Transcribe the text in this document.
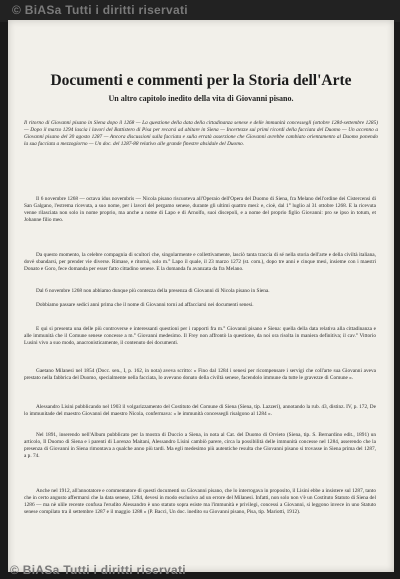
© BiASa Tutti i diritti riservati
Documenti e commenti per la Storia dell'Arte
Un altro capitolo inedito della vita di Giovanni pisano.

Il ritorno di Giovanni pisano in Siena dopo il 1268 — La questione della data della cittadinanza senese e delle immunità concessegli (ottobre 1284-settembre 1285) — Dopo il marzo 1294 lascia i lavori del Battistero di Pisa per recarsi ad abitare in Siena — Incertezze sui primi ricordi della facciata del Duomo — Un accenno a Giovanni pisano del 30 agosto 1287 — Ancora discussioni sulla facciata e sulla erratà asserzione che Giovanni avrebbe cambiato orientamento al Duomo ponendo la sua facciata a mezzogiorno — Un doc. del 1287-88 relativo alle grande finestre absidale del Duomo.

Il 6 novembre 1268 — octava idus novembris — Nicola pisano riscuoteva all'Operaio dell'Opera del Duomo di Siena, fra Melano dell'ordine dei Cistercensi di San Galgano, l'estrema ricevuta, a suo nome, per i lavori del pergamo senese, durante gli ultimi quattro mesi: e, cioè, dal 1° luglio al 31 ottobre 1268. E la ricevuta venne rilasciata non solo in nome proprio, ma anche a nome di Lapo e di Arnolfo, suoi discepoli, e a nome del proprio figlio Giovanni: pro se ipso in totum, et Johanne filio meo.

Da questo momento, la celebre compagnia di scultori che, singolarmente e collettivamente, lasciò tanta traccia di sé nella storia dell'arte e della civiltà italiana, dovè sbandarsi, per prender vie diverse. Rimase, e ritornò, solo m.° Lapo il quale, il 23 marzo 1272 (st. com.), dopo tre anni e cinque mesi, insieme con i maestri Donato e Goro, fece domanda per esser fatto cittadino senese. E la domanda fu avanzata da fra Melano.

Dal 6 novembre 1268 non abbiamo dunque più contezza della presenza di Giovanni di Nicola pisano in Siena.

Dobbiamo passare sedici anni prima che il nome di Giovanni torni ad affacciarsi nei documenti senesi.

E qui si presenta una delle più controverse e interessanti questioni per i rapporti fra m.° Giovanni pisano e Siena: quella della data relativa alla cittadinanza e alle immunità che il Comune senese concesse a m.° Giovanni medesimo. Il Frey non affrontò la questione, da noi ora risolta in maniera definitiva; il cav.° Vittorio Lusini vivo a suo modo, anacronisticamente, il contenuto dei documenti.

Gaetano Milanesi nel 1854 (Docc. sen., I, p. 162, in nota) aveva scritto: « Fino dal 1284 i senesi per ricompensare i servigi che coll'arte sua Giovanni aveva prestato nella fabbrica del Duomo, specialmente nella facciata, lo avevano donato della civiltà senese, facendolo immune da tutte le gravezze di Comune ».

Alessandro Lisini pubblicando nel 1903 il volgarizzamento del Costituto del Comune di Siena (Siena, tip. Lazzeri), annotando la rub. 43, distinz. IV, p. 172, De lo immunitade del maestro Giovanni del maestro Nicola, confermava: « le immunità concessegli risalgono al 1284 ».

Nel 1891, inserendo nell'Album pubblicato per la mostra di Duccio a Siena, in nota al Cat. del Duomo di Orvieto (Siena, tip. S. Bernardino edit., 1891) un articolo, Il Duomo di Siena e i parenti di Lorenzo Maitani, Alessandro Lisini cambiò parere, circa la possibilità delle immunità concesse nel 1284, asserendo che la presenza di Giovanni in Siena rimontava a qualche anno più tardi. Ma egli medesimo più autentiche resulta che Giovanni pisano si trovasse in Siena prima del 1287, a p. 74.

Anche nel 1912, all'annotatore e commentatore di questi documenti su Giovanni pisano, che lo interrogava in proposito, il Lisini ebbe a insistere sul 1287, tanto che in certo angusto affermarsi che la data senese, 1284, devesi in modo esclusivo ad un errore del Milanesi. Infatti, non solo non v'è un Costituto Statuto di Siena del 1286 — ma nè ulile recente confusa l'erudito Alessandro è uno statuto sopra esiste ma l'immunità e privilegi, concessi a Giovanni, si leggono invece in uno Statuto senese compilato tra il settembre 1287 e il maggio 1288 » (P. Bacci, Un doc. inedito su Giovanni pisano, Pisa, tip. Mariotti, 1912).

© BiASa Tutti i diritti riservati
